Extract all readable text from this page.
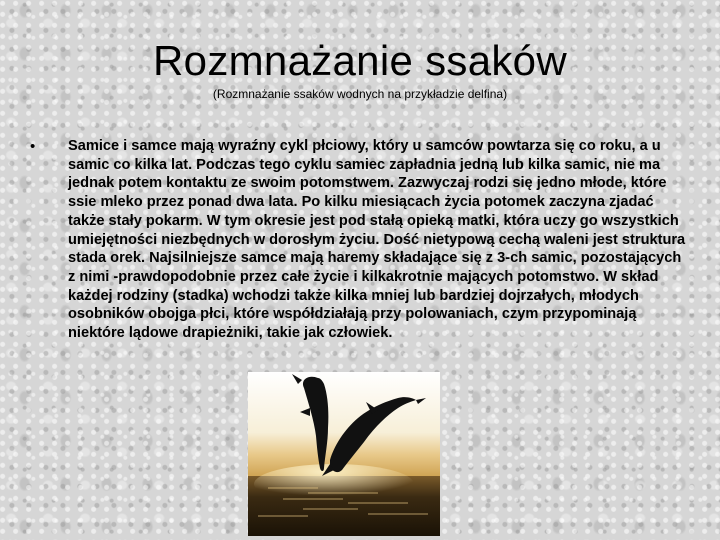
Rozmnażanie ssaków
(Rozmnażanie ssaków wodnych na przykładzie delfina)
• Samice i samce mają wyraźny cykl płciowy, który u samców powtarza się co roku, a u samic co kilka lat. Podczas tego cyklu samiec zapładnia jedną lub kilka samic, nie ma jednak potem kontaktu ze swoim potomstwem. Zazwyczaj rodzi się jedno młode, które ssie mleko przez ponad dwa lata. Po kilku miesiącach życia potomek zaczyna zjadać także stały pokarm. W tym okresie jest pod stałą opieką matki, która uczy go wszystkich umiejętności niezbędnych w dorosłym życiu. Dość nietypową cechą waleni jest struktura stada orek. Najsilniejsze samce mają haremy składające się z 3-ch samic, pozostających z nimi -prawdopodobnie przez całe życie i kilkakrotnie mających potomstwo. W skład każdej rodziny (stadka) wchodzi także kilka mniej lub bardziej dojrzałych, młodych osobników obojga płci, które współdziałają przy polowaniach, czym przypominają niektóre lądowe drapieżniki, takie jak człowiek.
